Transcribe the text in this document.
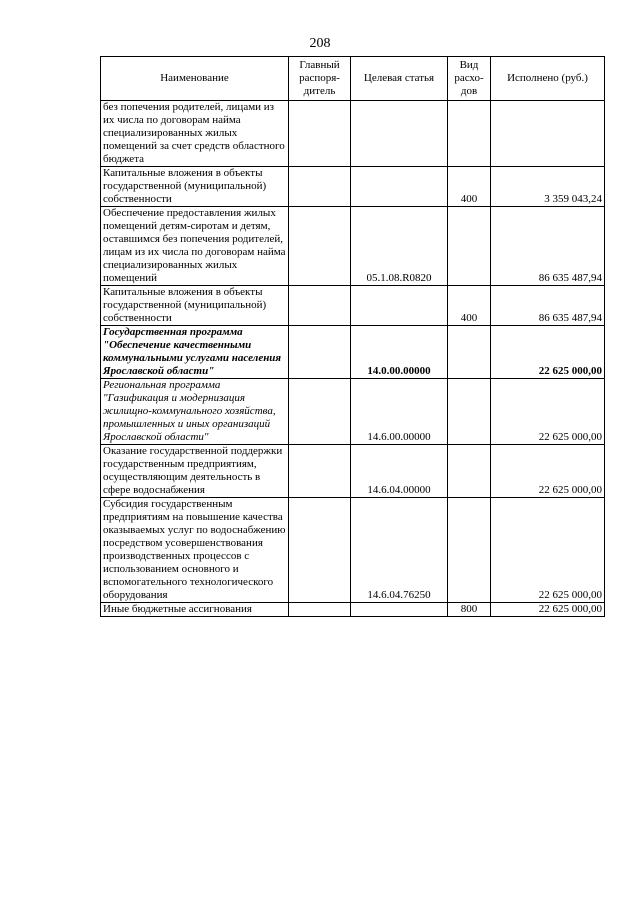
208
Наименование	Главный распоря-дитель	Целевая статья	Вид расхо-дов	Исполнено (руб.)
без попечения родителей, лицами из их числа по договорам найма специализированных жилых помещений за счет средств областного бюджета				
Капитальные вложения в объекты государственной (муниципальной) собственности			400	3 359 043,24
Обеспечение предоставления жилых помещений детям-сиротам и детям, оставшимся без попечения родителей, лицам из их числа по договорам найма специализированных жилых помещений		05.1.08.R0820		86 635 487,94
Капитальные вложения в объекты государственной (муниципальной) собственности			400	86 635 487,94
Государственная программа "Обеспечение качественными коммунальными услугами населения Ярославской области"		14.0.00.00000		22 625 000,00
Региональная программа "Газификация и модернизация жилищно-коммунального хозяйства, промышленных и иных организаций Ярославской области"		14.6.00.00000		22 625 000,00
Оказание государственной поддержки государственным предприятиям, осуществляющим деятельность в сфере водоснабжения		14.6.04.00000		22 625 000,00
Субсидия государственным предприятиям на повышение качества оказываемых услуг по водоснабжению посредством усовершенствования производственных процессов с использованием основного и вспомогательного технологического оборудования		14.6.04.76250		22 625 000,00
Иные бюджетные ассигнования			800	22 625 000,00
